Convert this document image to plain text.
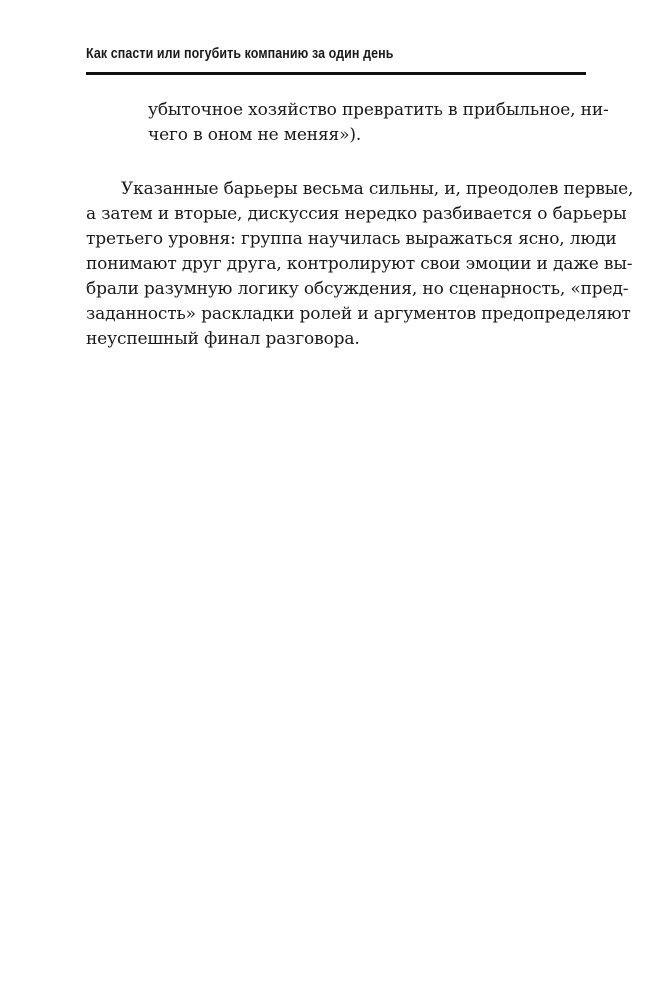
Как спасти или погубить компанию за один день
убыточное хозяйство превратить в прибыльное, ни-
чего в оном не меняя»).
Указанные барьеры весьма сильны, и, преодолев первые,
а затем и вторые, дискуссия нередко разбивается о барьеры
третьего уровня: группа научилась выражаться ясно, люди
понимают друг друга, контролируют свои эмоции и даже вы-
брали разумную логику обсуждения, но сценарность, «пред-
заданность» раскладки ролей и аргументов предопределяют
неуспешный финал разговора.
